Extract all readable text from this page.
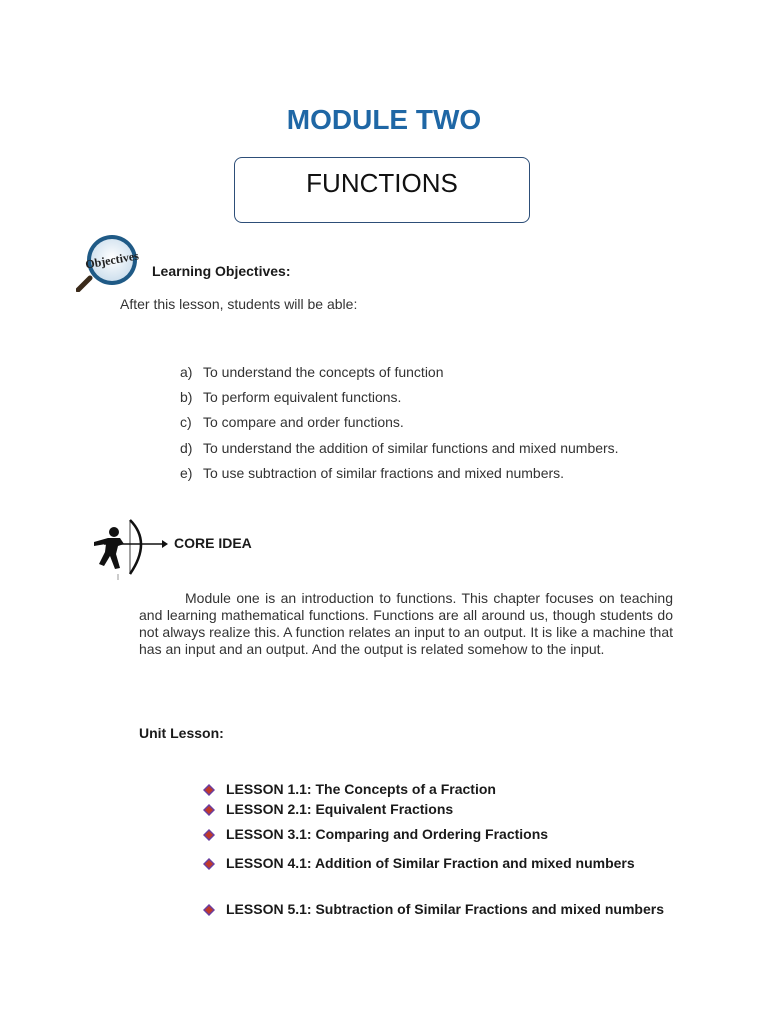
MODULE TWO
FUNCTIONS
Objectives Learning Objectives:
After this lesson, students will be able:
a) To understand the concepts of function
b) To perform equivalent functions.
c) To compare and order functions.
d) To understand the addition of similar functions and mixed numbers.
e) To use subtraction of similar fractions and mixed numbers.
CORE IDEA
Module one is an introduction to functions. This chapter focuses on teaching and learning mathematical functions. Functions are all around us, though students do not always realize this. A function relates an input to an output. It is like a machine that has an input and an output. And the output is related somehow to the input.
Unit Lesson:
LESSON 1.1: The Concepts of a Fraction
LESSON 2.1: Equivalent Fractions
LESSON 3.1: Comparing and Ordering Fractions
LESSON 4.1: Addition of Similar Fraction and mixed numbers
LESSON 5.1: Subtraction of Similar Fractions and mixed numbers
